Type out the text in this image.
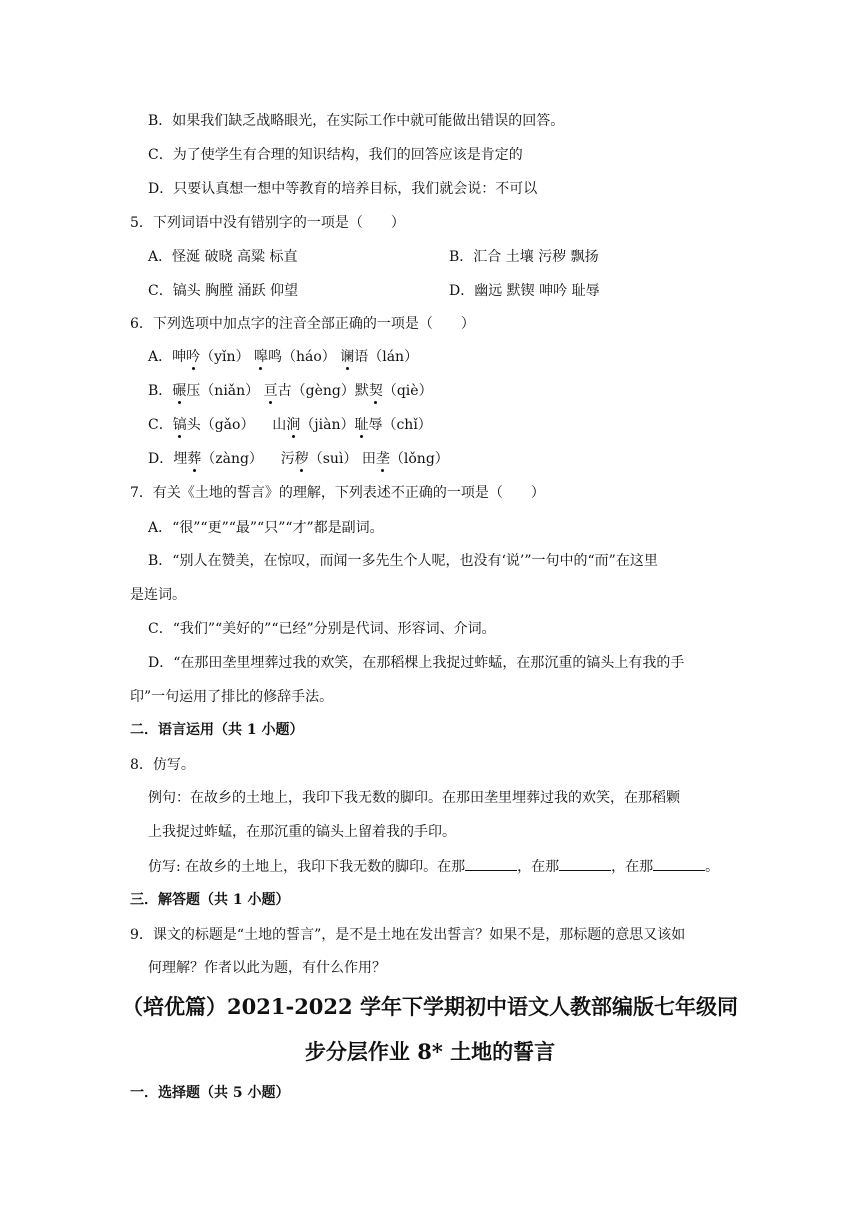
B．如果我们缺乏战略眼光，在实际工作中就可能做出错误的回答。
C．为了使学生有合理的知识结构，我们的回答应该是肯定的
D．只要认真想一想中等教育的培养目标，我们就会说：不可以
5．下列词语中没有错别字的一项是（　　）
A．怪涎 破晓 高粱 标直	B．汇合 土壤 污秽 飘扬
C．镐头 胸膛 涌跃 仰望	D．幽远 默锲 呻吟 耻辱
6．下列选项中加点字的注音全部正确的一项是（　　）
A．呻吟（yǐn） 嗥鸣（háo） 谰语（lán）
B．碾压（niǎn） 亘古（gèng）默契（qiè）
C．镐头（gǎo） 山涧（jiàn）耻辱（chǐ）
D．埋葬（zàng） 污秽（suì） 田垄（lǒng）
7．有关《土地的誓言》的理解，下列表述不正确的一项是（　　）
A．“很”“更”“最”“只”“才”都是副词。
B．“别人在赞美，在惊叹，而闻一多先生个人呢，也没有‘说’”一句中的“而”在这里
是连词。
C．“我们”“美好的”“已经”分别是代词、形容词、介词。
D．“在那田垄里埋葬过我的欢笑，在那稻棵上我捉过蚱蜢，在那沉重的镐头上有我的手
印”一句运用了排比的修辞手法。
二．语言运用（共 1 小题）
8．仿写。
例句：在故乡的土地上，我印下我无数的脚印。在那田垄里埋葬过我的欢笑，在那稻颗
上我捉过蚱蜢，在那沉重的镐头上留着我的手印。
仿写: 在故乡的土地上，我印下我无数的脚印。在那	，在那	，在那	。
三．解答题（共 1 小题）
9．课文的标题是“土地的誓言”，是不是土地在发出誓言？如果不是，那标题的意思又该如
何理解？作者以此为题，有什么作用？
（培优篇）2021-2022 学年下学期初中语文人教部编版七年级同
步分层作业 8* 土地的誓言
一．选择题（共 5 小题）
